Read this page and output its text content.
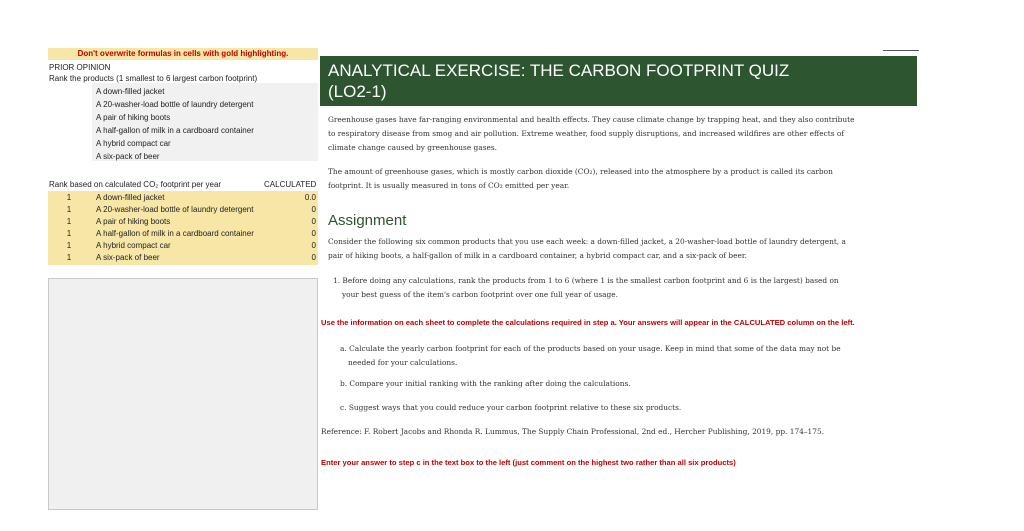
Don't overwrite formulas in cells with gold highlighting.
PRIOR OPINION
Rank the products (1 smallest to 6 largest carbon footprint)
A down-filled jacket
A 20-washer-load bottle of laundry detergent
A pair of hiking boots
A half-gallon of milk in a cardboard container
A hybrid compact car
A six-pack of beer
Rank based on calculated CO₂ footprint per year	CALCULATED
1	A down-filled jacket	0.0
1	A 20-washer-load bottle of laundry detergent	0
1	A pair of hiking boots	0
1	A half-gallon of milk in a cardboard container	0
1	A hybrid compact car	0
1	A six-pack of beer	0
ANALYTICAL EXERCISE: THE CARBON FOOTPRINT QUIZ
(LO2-1)
Greenhouse gases have far-ranging environmental and health effects. They cause climate change by trapping heat, and they also contribute
to respiratory disease from smog and air pollution. Extreme weather, food supply disruptions, and increased wildfires are other effects of
climate change caused by greenhouse gases.
The amount of greenhouse gases, which is mostly carbon dioxide (CO₂), released into the atmosphere by a product is called its carbon
footprint. It is usually measured in tons of CO₂ emitted per year.
Assignment
Consider the following six common products that you use each week: a down-filled jacket, a 20-washer-load bottle of laundry detergent, a
pair of hiking boots, a half-gallon of milk in a cardboard container, a hybrid compact car, and a six-pack of beer.
1. Before doing any calculations, rank the products from 1 to 6 (where 1 is the smallest carbon footprint and 6 is the largest) based on
your best guess of the item's carbon footprint over one full year of usage.
Use the information on each sheet to complete the calculations required in step a. Your answers will appear in the CALCULATED column on the left.
a. Calculate the yearly carbon footprint for each of the products based on your usage. Keep in mind that some of the data may not be
needed for your calculations.
b. Compare your initial ranking with the ranking after doing the calculations.
c. Suggest ways that you could reduce your carbon footprint relative to these six products.
Reference: F. Robert Jacobs and Rhonda R. Lummus, The Supply Chain Professional, 2nd ed., Hercher Publishing, 2019, pp. 174–175.
Enter your answer to step c in the text box to the left (just comment on the highest two rather than all six products)
